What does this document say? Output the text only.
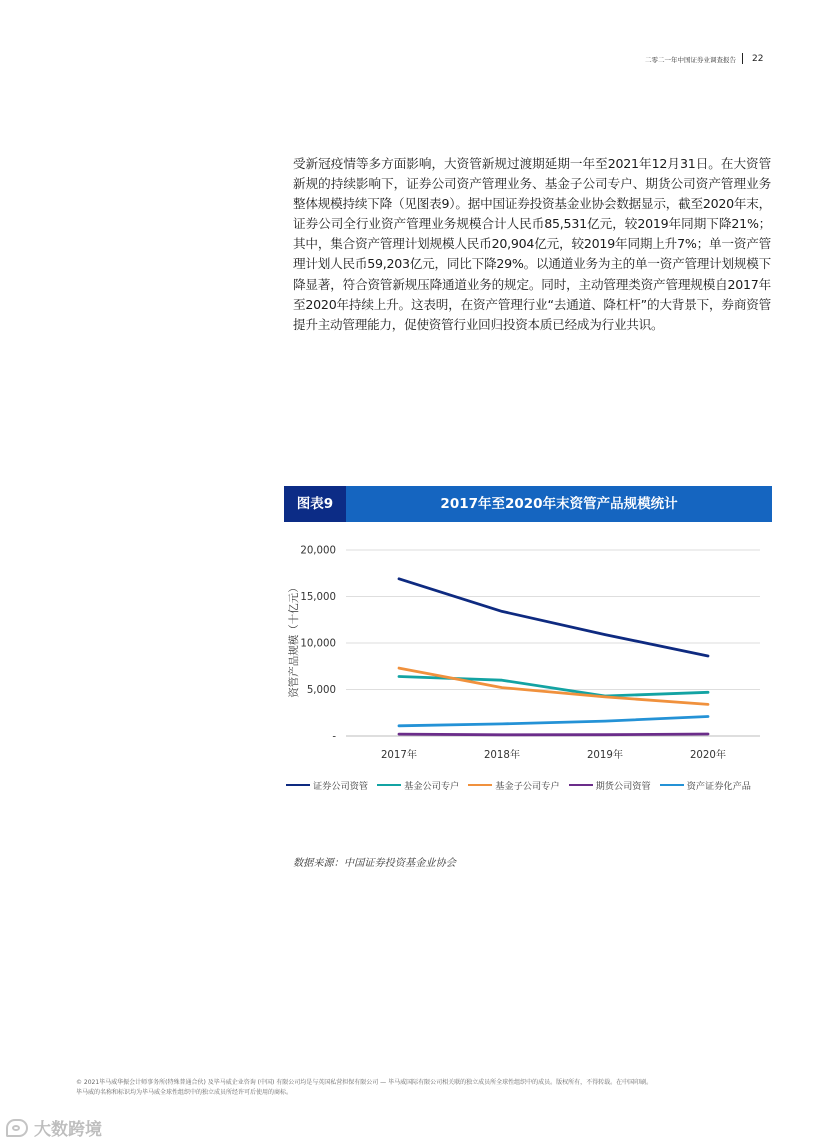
二零二一年中国证券业调查报告 22
受新冠疫情等多方面影响，大资管新规过渡期延期一年至2021年12月31日。在大资管新规的持续影响下，证券公司资产管理业务、基金子公司专户、期货公司资产管理业务整体规模持续下降（见图表9）。据中国证券投资基金业协会数据显示，截至2020年末，证券公司全行业资产管理业务规模合计人民币85,531亿元，较2019年同期下降21%；其中，集合资产管理计划规模人民币20,904亿元，较2019年同期上升7%；单一资产管理计划人民币59,203亿元，同比下降29%。以通道业务为主的单一资产管理计划规模下降显著，符合资管新规压降通道业务的规定。同时，主动管理类资产管理规模自2017年至2020年持续上升。这表明，在资产管理行业“去通道、降杠杆”的大背景下，券商资管提升主动管理能力，促使资管行业回归投资本质已经成为行业共识。
图表9	2017年至2020年末资管产品规模统计
-
5,000
10,000
15,000
20,000
2017年	2018年	2019年	2020年
资管产品规模（十亿元）
证券公司资管	基金公司专户	基金子公司专户	期货公司资管	资产证券化产品
数据来源：中国证券投资基金业协会
© 2021毕马威华振会计师事务所(特殊普通合伙) 及毕马威企业咨询 (中国) 有限公司均是与英国私营担保有限公司 — 毕马威国际有限公司相关联的独立成员所全球性组织中的成员。版权所有，不得转载。在中国印刷。
毕马威的名称和标识均为毕马威全球性组织中的独立成员所经许可后使用的商标。
大数跨境
